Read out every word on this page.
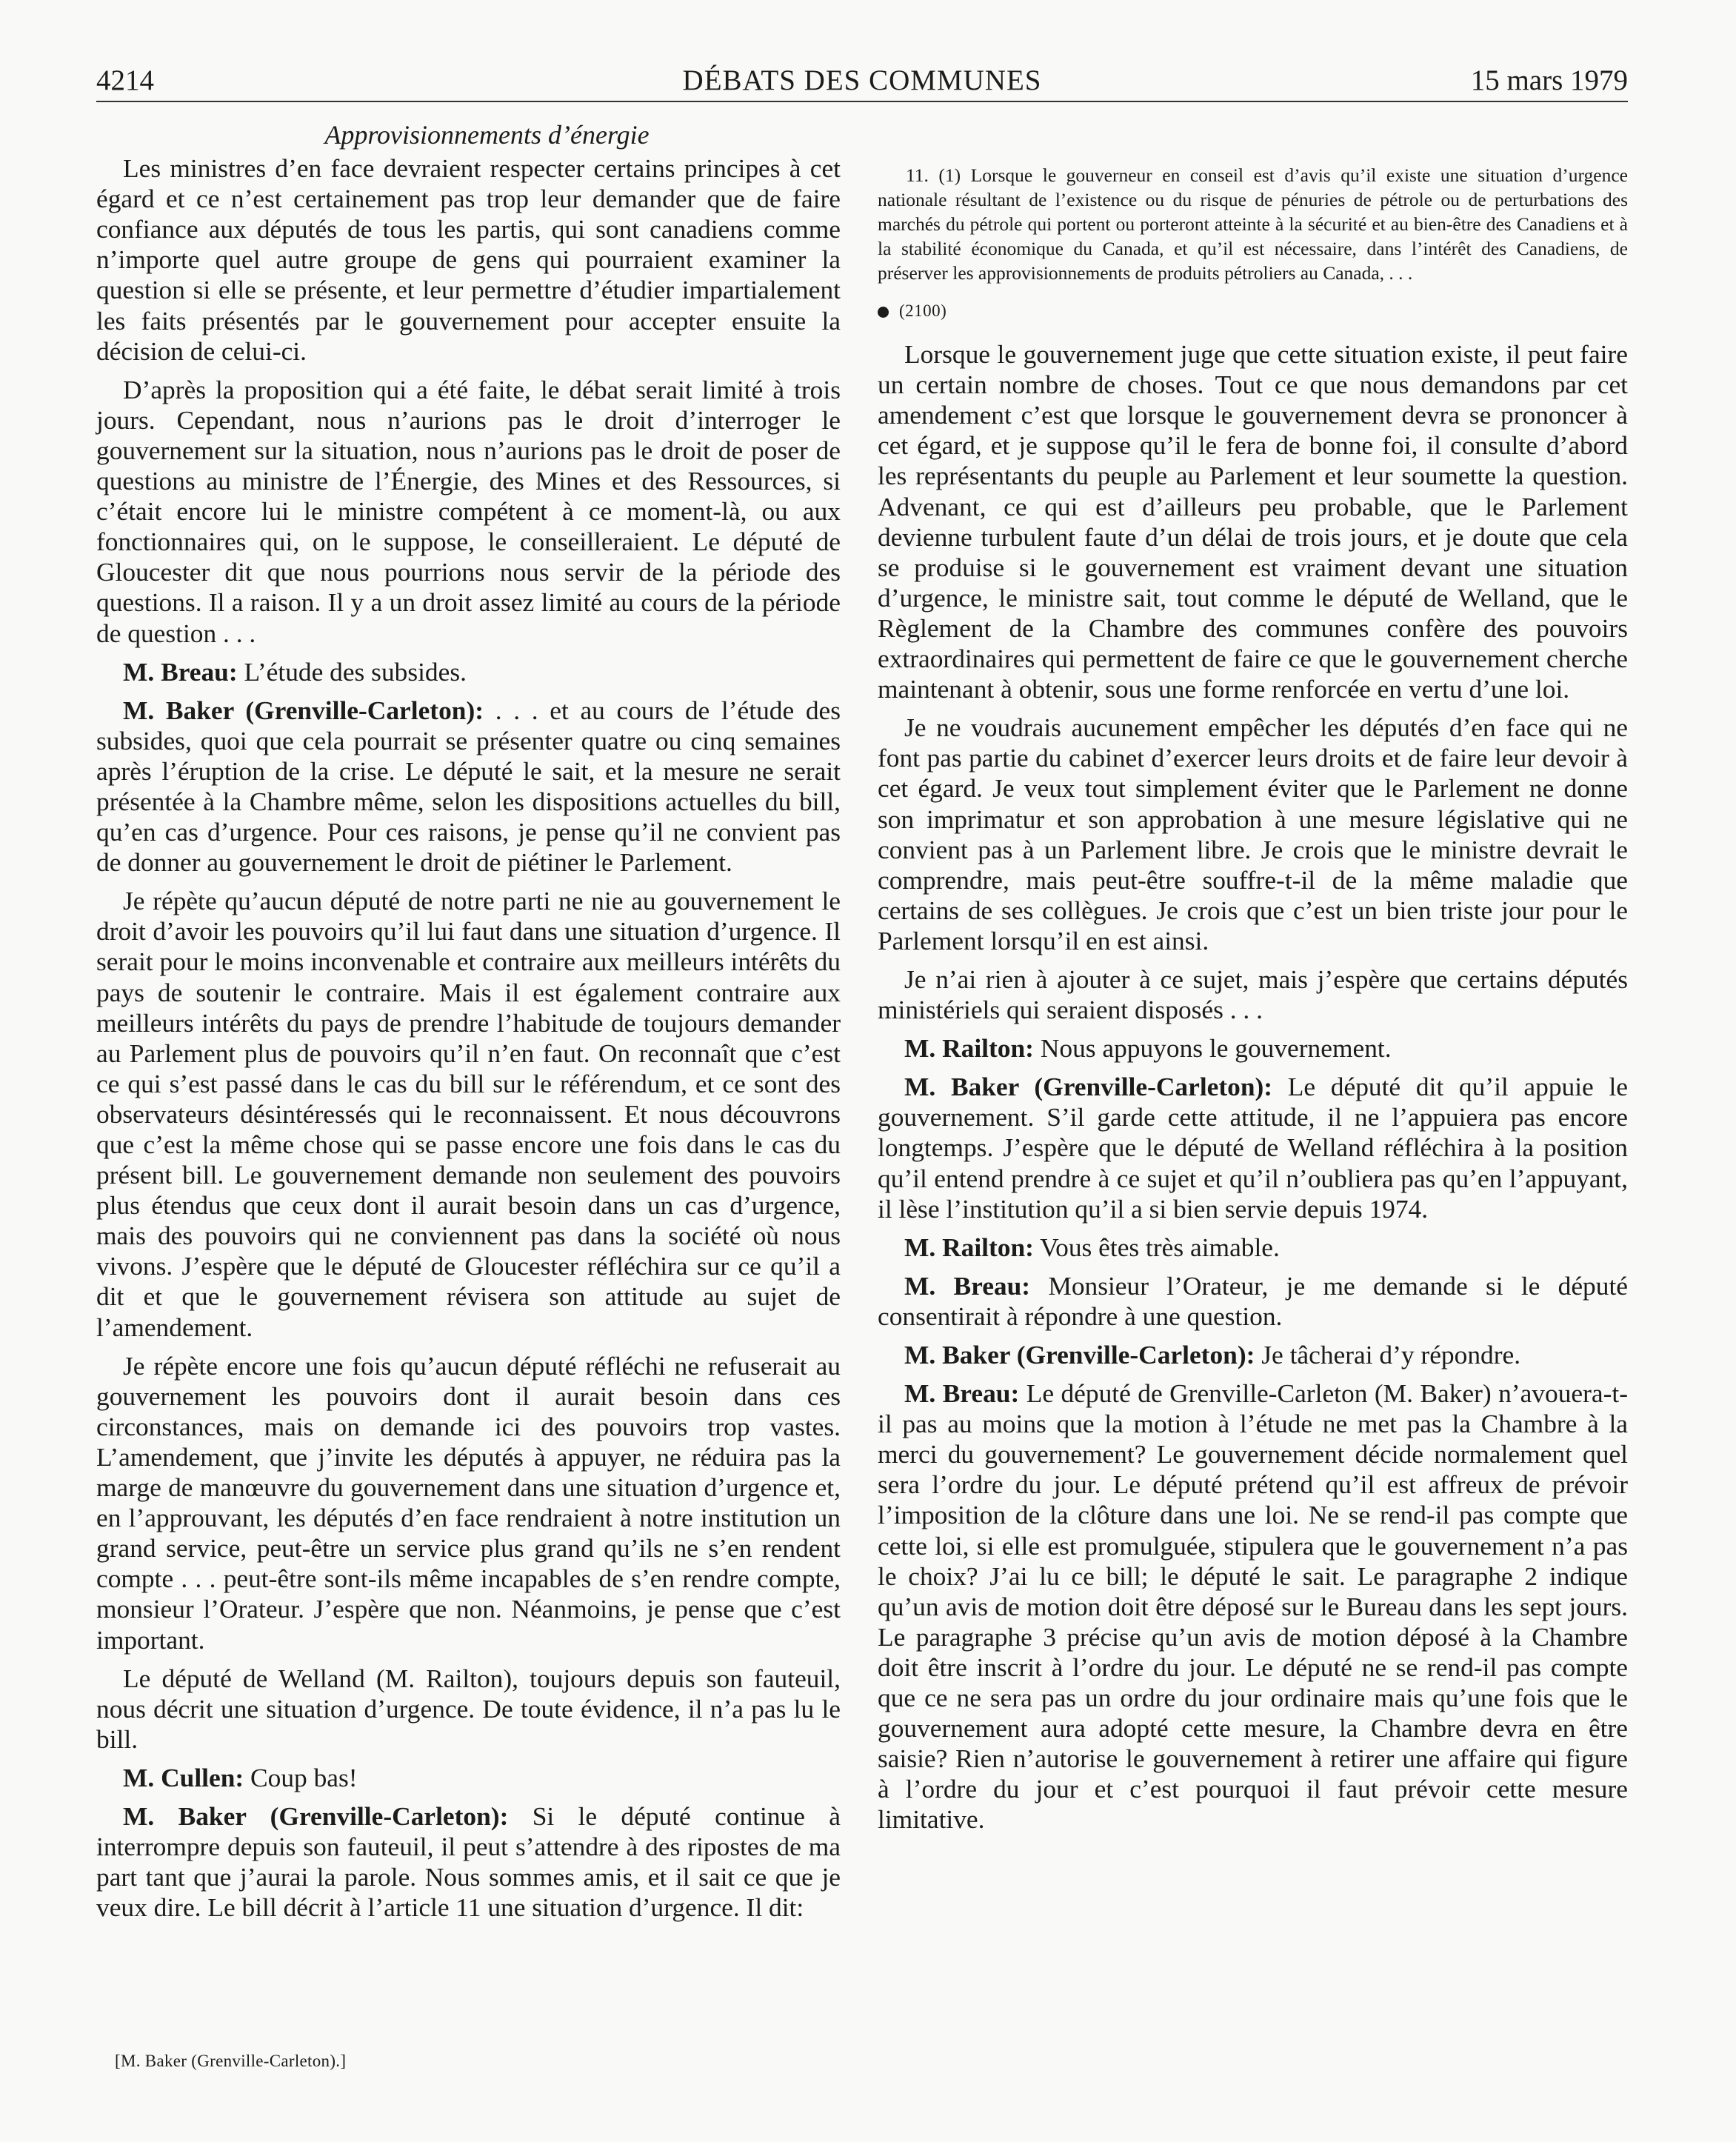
4214	DÉBATS DES COMMUNES	15 mars 1979
Approvisionnements d’énergie

Les ministres d’en face devraient respecter certains principes à cet égard et ce n’est certainement pas trop leur demander que de faire confiance aux députés de tous les partis, qui sont canadiens comme n’importe quel autre groupe de gens qui pourraient examiner la question si elle se présente, et leur permettre d’étudier impartialement les faits présentés par le gouvernement pour accepter ensuite la décision de celui-ci.

D’après la proposition qui a été faite, le débat serait limité à trois jours. Cependant, nous n’aurions pas le droit d’interroger le gouvernement sur la situation, nous n’aurions pas le droit de poser de questions au ministre de l’Énergie, des Mines et des Ressources, si c’était encore lui le ministre compétent à ce moment-là, ou aux fonctionnaires qui, on le suppose, le conseilleraient. Le député de Gloucester dit que nous pourrions nous servir de la période des questions. Il a raison. Il y a un droit assez limité au cours de la période de question . . .

M. Breau: L’étude des subsides.

M. Baker (Grenville-Carleton): . . . et au cours de l’étude des subsides, quoi que cela pourrait se présenter quatre ou cinq semaines après l’éruption de la crise. Le député le sait, et la mesure ne serait présentée à la Chambre même, selon les dispositions actuelles du bill, qu’en cas d’urgence. Pour ces raisons, je pense qu’il ne convient pas de donner au gouvernement le droit de piétiner le Parlement.

Je répète qu’aucun député de notre parti ne nie au gouvernement le droit d’avoir les pouvoirs qu’il lui faut dans une situation d’urgence. Il serait pour le moins inconvenable et contraire aux meilleurs intérêts du pays de soutenir le contraire. Mais il est également contraire aux meilleurs intérêts du pays de prendre l’habitude de toujours demander au Parlement plus de pouvoirs qu’il n’en faut. On reconnaît que c’est ce qui s’est passé dans le cas du bill sur le référendum, et ce sont des observateurs désintéressés qui le reconnaissent. Et nous découvrons que c’est la même chose qui se passe encore une fois dans le cas du présent bill. Le gouvernement demande non seulement des pouvoirs plus étendus que ceux dont il aurait besoin dans un cas d’urgence, mais des pouvoirs qui ne conviennent pas dans la société où nous vivons. J’espère que le député de Gloucester réfléchira sur ce qu’il a dit et que le gouvernement révisera son attitude au sujet de l’amendement.

Je répète encore une fois qu’aucun député réfléchi ne refuserait au gouvernement les pouvoirs dont il aurait besoin dans ces circonstances, mais on demande ici des pouvoirs trop vastes. L’amendement, que j’invite les députés à appuyer, ne réduira pas la marge de manœuvre du gouvernement dans une situation d’urgence et, en l’approuvant, les députés d’en face rendraient à notre institution un grand service, peut-être un service plus grand qu’ils ne s’en rendent compte . . . peut-être sont-ils même incapables de s’en rendre compte, monsieur l’Orateur. J’espère que non. Néanmoins, je pense que c’est important.

Le député de Welland (M. Railton), toujours depuis son fauteuil, nous décrit une situation d’urgence. De toute évidence, il n’a pas lu le bill.

M. Cullen: Coup bas!

M. Baker (Grenville-Carleton): Si le député continue à interrompre depuis son fauteuil, il peut s’attendre à des ripostes de ma part tant que j’aurai la parole. Nous sommes amis, et il sait ce que je veux dire. Le bill décrit à l’article 11 une situation d’urgence. Il dit:

11. (1) Lorsque le gouverneur en conseil est d’avis qu’il existe une situation d’urgence nationale résultant de l’existence ou du risque de pénuries de pétrole ou de perturbations des marchés du pétrole qui portent ou porteront atteinte à la sécurité et au bien-être des Canadiens et à la stabilité économique du Canada, et qu’il est nécessaire, dans l’intérêt des Canadiens, de préserver les approvisionnements de produits pétroliers au Canada, . . .
(2100)

Lorsque le gouvernement juge que cette situation existe, il peut faire un certain nombre de choses. Tout ce que nous demandons par cet amendement c’est que lorsque le gouvernement devra se prononcer à cet égard, et je suppose qu’il le fera de bonne foi, il consulte d’abord les représentants du peuple au Parlement et leur soumette la question. Advenant, ce qui est d’ailleurs peu probable, que le Parlement devienne turbulent faute d’un délai de trois jours, et je doute que cela se produise si le gouvernement est vraiment devant une situation d’urgence, le ministre sait, tout comme le député de Welland, que le Règlement de la Chambre des communes confère des pouvoirs extraordinaires qui permettent de faire ce que le gouvernement cherche maintenant à obtenir, sous une forme renforcée en vertu d’une loi.

Je ne voudrais aucunement empêcher les députés d’en face qui ne font pas partie du cabinet d’exercer leurs droits et de faire leur devoir à cet égard. Je veux tout simplement éviter que le Parlement ne donne son imprimatur et son approbation à une mesure législative qui ne convient pas à un Parlement libre. Je crois que le ministre devrait le comprendre, mais peut-être souffre-t-il de la même maladie que certains de ses collègues. Je crois que c’est un bien triste jour pour le Parlement lorsqu’il en est ainsi.

Je n’ai rien à ajouter à ce sujet, mais j’espère que certains députés ministériels qui seraient disposés . . .

M. Railton: Nous appuyons le gouvernement.

M. Baker (Grenville-Carleton): Le député dit qu’il appuie le gouvernement. S’il garde cette attitude, il ne l’appuiera pas encore longtemps. J’espère que le député de Welland réfléchira à la position qu’il entend prendre à ce sujet et qu’il n’oubliera pas qu’en l’appuyant, il lèse l’institution qu’il a si bien servie depuis 1974.

M. Railton: Vous êtes très aimable.

M. Breau: Monsieur l’Orateur, je me demande si le député consentirait à répondre à une question.

M. Baker (Grenville-Carleton): Je tâcherai d’y répondre.

M. Breau: Le député de Grenville-Carleton (M. Baker) n’avouera-t-il pas au moins que la motion à l’étude ne met pas la Chambre à la merci du gouvernement? Le gouvernement décide normalement quel sera l’ordre du jour. Le député prétend qu’il est affreux de prévoir l’imposition de la clôture dans une loi. Ne se rend-il pas compte que cette loi, si elle est promulguée, stipulera que le gouvernement n’a pas le choix? J’ai lu ce bill; le député le sait. Le paragraphe 2 indique qu’un avis de motion doit être déposé sur le Bureau dans les sept jours. Le paragraphe 3 précise qu’un avis de motion déposé à la Chambre doit être inscrit à l’ordre du jour. Le député ne se rend-il pas compte que ce ne sera pas un ordre du jour ordinaire mais qu’une fois que le gouvernement aura adopté cette mesure, la Chambre devra en être saisie? Rien n’autorise le gouvernement à retirer une affaire qui figure à l’ordre du jour et c’est pourquoi il faut prévoir cette mesure limitative.

[M. Baker (Grenville-Carleton).]
